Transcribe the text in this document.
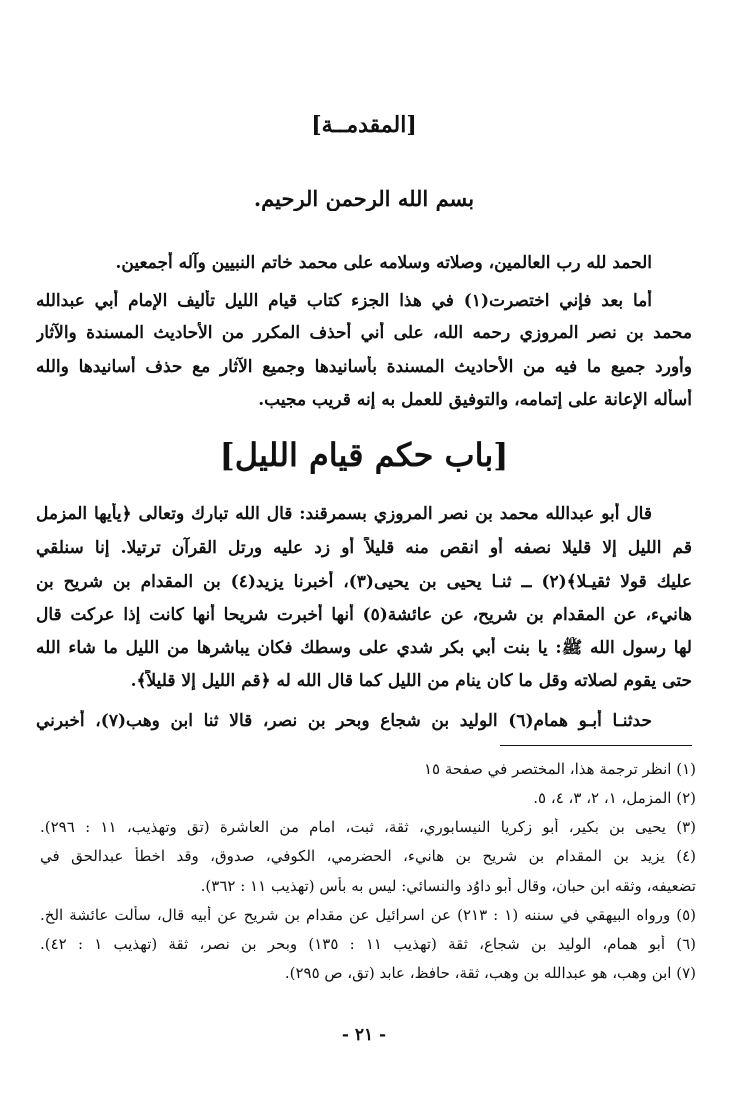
[المقدمــة]
بسم الله الرحمن الرحيم.
الحمد لله رب العالمين، وصلاته وسلامه على محمد خاتم النبيين وآله أجمعين.
أما بعد فإني اختصرت(١) في هذا الجزء كتاب قيام الليل تأليف الإمام أبي عبدالله
محمد بن نصر المروزي رحمه الله، على أني أحذف المكرر من الأحاديث المسندة والآثار
وأورد جميع ما فيه من الأحاديث المسندة بأسانيدها وجميع الآثار مع حذف أسانيدها والله
أسأله الإعانة على إتمامه، والتوفيق للعمل به إنه قريب مجيب.
[باب حكم قيام الليل]
قال أبو عبدالله محمد بن نصر المروزي بسمرقند: قال الله تبارك وتعالى ﴿يأيها المزمل
قم الليل إلا قليلا نصفه أو انقص منه قليلاً أو زد عليه ورتل القرآن ترتيلا. إنا سنلقي
عليك قولا ثقيـلا﴾(٢) ــ ثنـا يحيى بن يحيى(٣)، أخبرنا يزيد(٤) بن المقدام بن شريح بن
هانيء، عن المقدام بن شريح، عن عائشة(٥) أنها أخبرت شريحا أنها كانت إذا عركت قال
لها رسول الله ﷺ: يا بنت أبي بكر شدي على وسطك فكان يباشرها من الليل ما شاء الله
حتى يقوم لصلاته وقل ما كان ينام من الليل كما قال الله له ﴿قم الليل إلا قليلاً﴾.
حدثنـا أبـو همام(٦) الوليد بن شجاع وبحر بن نصر، قالا ثنا ابن وهب(٧)، أخبرني
(١) انظر ترجمة هذا، المختصر في صفحة ١٥
(٢) المزمل، ١، ٢، ٣، ٤، ٥.
(٣) يحيى بن بكير، أبو زكريا النيسابوري، ثقة، ثبت، امام من العاشرة (تق وتهذيب، ١١ : ٢٩٦).
(٤) يزيد بن المقدام بن شريح بن هانيء، الحضرمي، الكوفي، صدوق، وقد اخطأ عبدالحق في
تضعيفه، وثقه ابن حبان، وقال أبو داوُد والنسائي: ليس به بأس (تهذيب ١١ : ٣٦٢).
(٥) ورواه البيهقي في سننه (١ : ٢١٣) عن اسرائيل عن مقدام بن شريح عن أبيه قال، سألت عائشة الخ.
(٦) أبو همام، الوليد بن شجاع، ثقة (تهذيب ١١ : ١٣٥) وبحر بن نصر، ثقة (تهذيب ١ : ٤٢).
(٧) ابن وهب، هو عبدالله بن وهب، ثقة، حافظ، عابد (تق، ص ٢٩٥).
- ٢١ -
